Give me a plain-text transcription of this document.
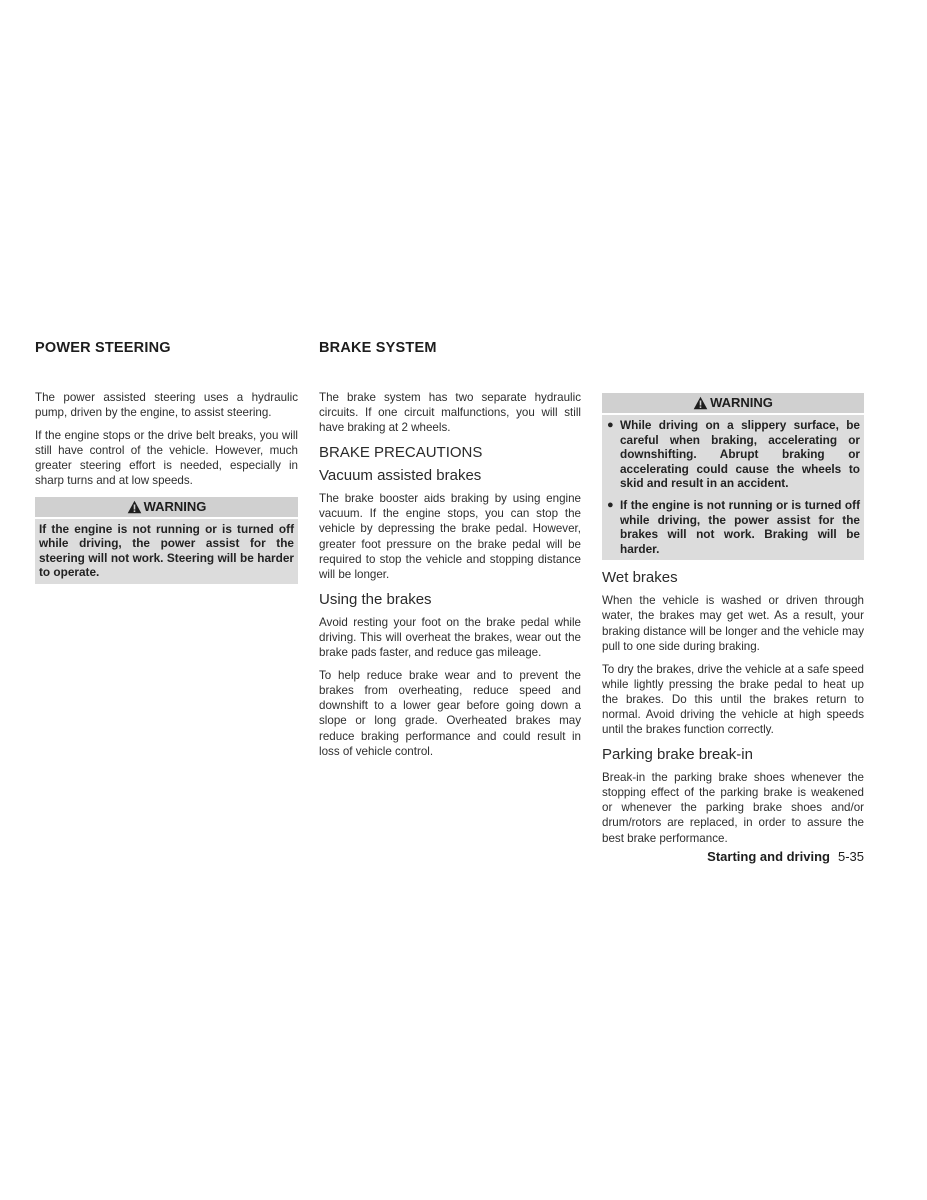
POWER STEERING	BRAKE SYSTEM

The power assisted steering uses a hydraulic pump, driven by the engine, to assist steering.

If the engine stops or the drive belt breaks, you will still have control of the vehicle. However, much greater steering effort is needed, especially in sharp turns and at low speeds.

WARNING
If the engine is not running or is turned off while driving, the power assist for the steering will not work. Steering will be harder to operate.

The brake system has two separate hydraulic circuits. If one circuit malfunctions, you will still have braking at 2 wheels.

BRAKE PRECAUTIONS
Vacuum assisted brakes

The brake booster aids braking by using engine vacuum. If the engine stops, you can stop the vehicle by depressing the brake pedal. However, greater foot pressure on the brake pedal will be required to stop the vehicle and stopping distance will be longer.

Using the brakes

Avoid resting your foot on the brake pedal while driving. This will overheat the brakes, wear out the brake pads faster, and reduce gas mileage.

To help reduce brake wear and to prevent the brakes from overheating, reduce speed and downshift to a lower gear before going down a slope or long grade. Overheated brakes may reduce braking performance and could result in loss of vehicle control.

WARNING
● While driving on a slippery surface, be careful when braking, accelerating or downshifting. Abrupt braking or accelerating could cause the wheels to skid and result in an accident.
● If the engine is not running or is turned off while driving, the power assist for the brakes will not work. Braking will be harder.
Wet brakes

When the vehicle is washed or driven through water, the brakes may get wet. As a result, your braking distance will be longer and the vehicle may pull to one side during braking.

To dry the brakes, drive the vehicle at a safe speed while lightly pressing the brake pedal to heat up the brakes. Do this until the brakes return to normal. Avoid driving the vehicle at high speeds until the brakes function correctly.

Parking brake break-in

Break-in the parking brake shoes whenever the stopping effect of the parking brake is weakened or whenever the parking brake shoes and/or drum/rotors are replaced, in order to assure the best brake performance.

Starting and driving 5-35
